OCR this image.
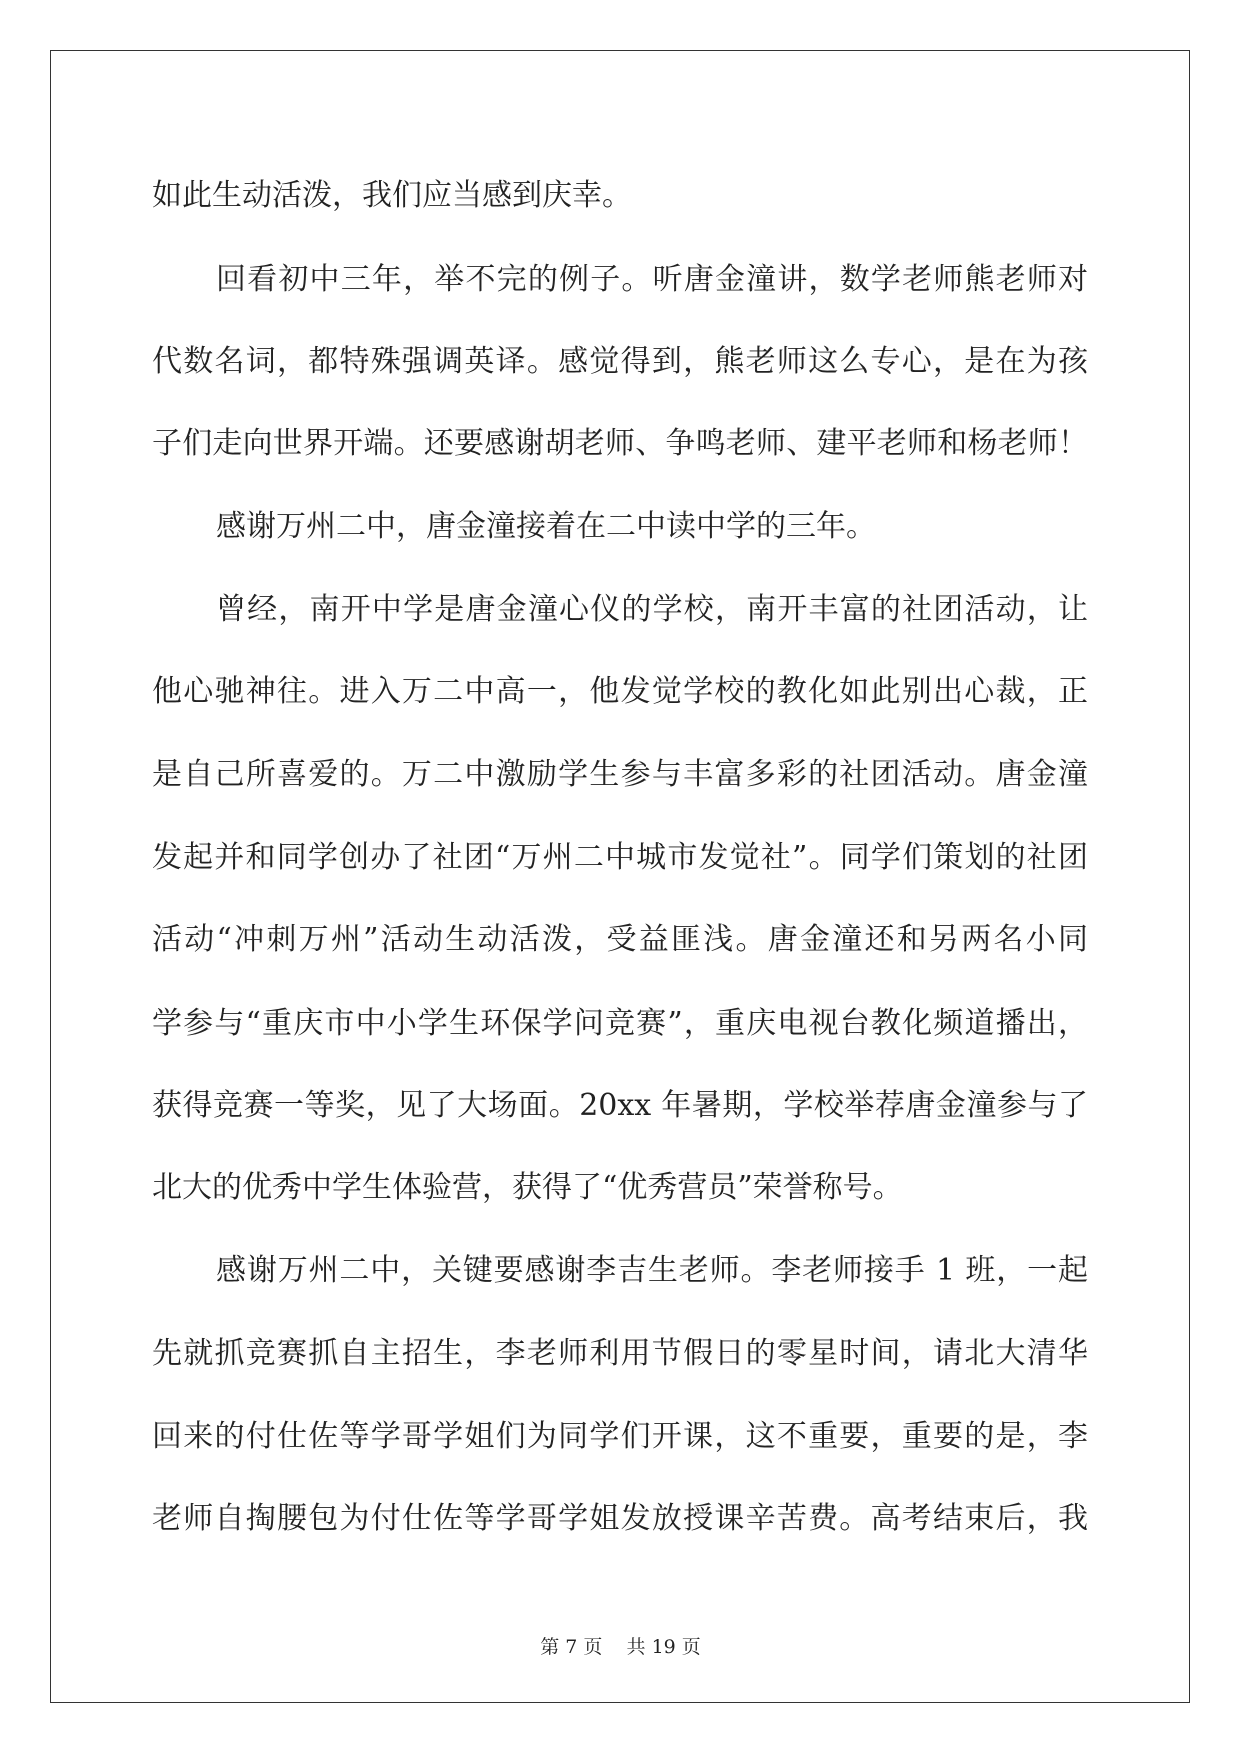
如此生动活泼，我们应当感到庆幸。

回看初中三年，举不完的例子。听唐金潼讲，数学老师熊老师对

代数名词，都特殊强调英译。感觉得到，熊老师这么专心，是在为孩

子们走向世界开端。还要感谢胡老师、争鸣老师、建平老师和杨老师！

感谢万州二中，唐金潼接着在二中读中学的三年。

曾经，南开中学是唐金潼心仪的学校，南开丰富的社团活动，让

他心驰神往。进入万二中高一，他发觉学校的教化如此别出心裁，正

是自己所喜爱的。万二中激励学生参与丰富多彩的社团活动。唐金潼

发起并和同学创办了社团“万州二中城市发觉社”。同学们策划的社团

活动“冲刺万州”活动生动活泼，受益匪浅。唐金潼还和另两名小同

学参与“重庆市中小学生环保学问竞赛”，重庆电视台教化频道播出，

获得竞赛一等奖，见了大场面。20xx 年暑期，学校举荐唐金潼参与了

北大的优秀中学生体验营，获得了“优秀营员”荣誉称号。

感谢万州二中，关键要感谢李吉生老师。李老师接手 1 班，一起

先就抓竞赛抓自主招生，李老师利用节假日的零星时间，请北大清华

回来的付仕佐等学哥学姐们为同学们开课，这不重要，重要的是，李

老师自掏腰包为付仕佐等学哥学姐发放授课辛苦费。高考结束后，我

第 7 页    共 19 页
